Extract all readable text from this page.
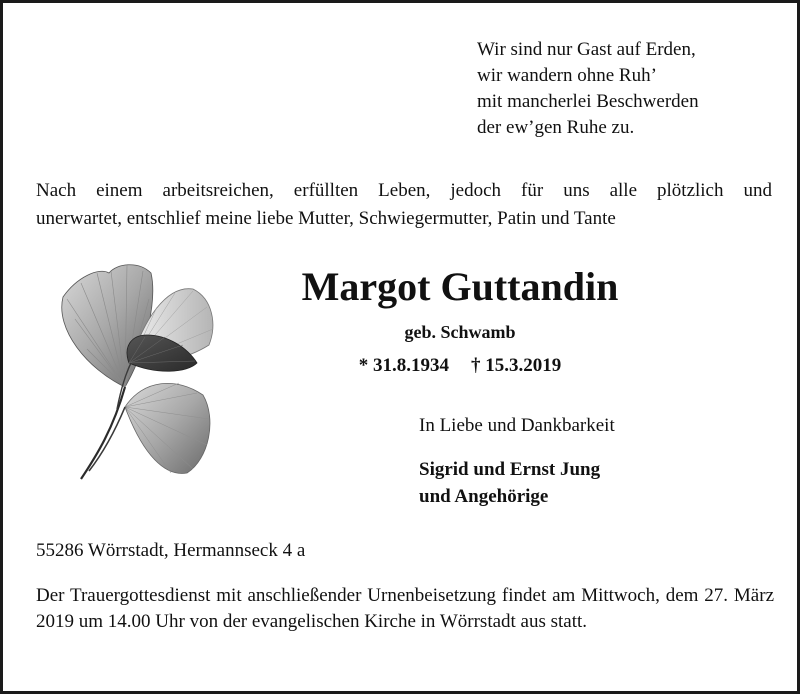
Wir sind nur Gast auf Erden,
wir wandern ohne Ruh’
mit mancherlei Beschwerden
der ew’gen Ruhe zu.
Nach einem arbeitsreichen, erfüllten Leben, jedoch für uns alle plötzlich und
unerwartet, entschlief meine liebe Mutter, Schwiegermutter, Patin und Tante
Margot Guttandin
geb. Schwamb
* 31.8.1934 † 15.3.2019
In Liebe und Dankbarkeit
Sigrid und Ernst Jung
und Angehörige
55286 Wörrstadt, Hermannseck 4 a
Der Trauergottesdienst mit anschließender Urnenbeisetzung findet am Mittwoch, dem 27. März 2019 um 14.00 Uhr von der evangelischen Kirche in Wörrstadt aus statt.
